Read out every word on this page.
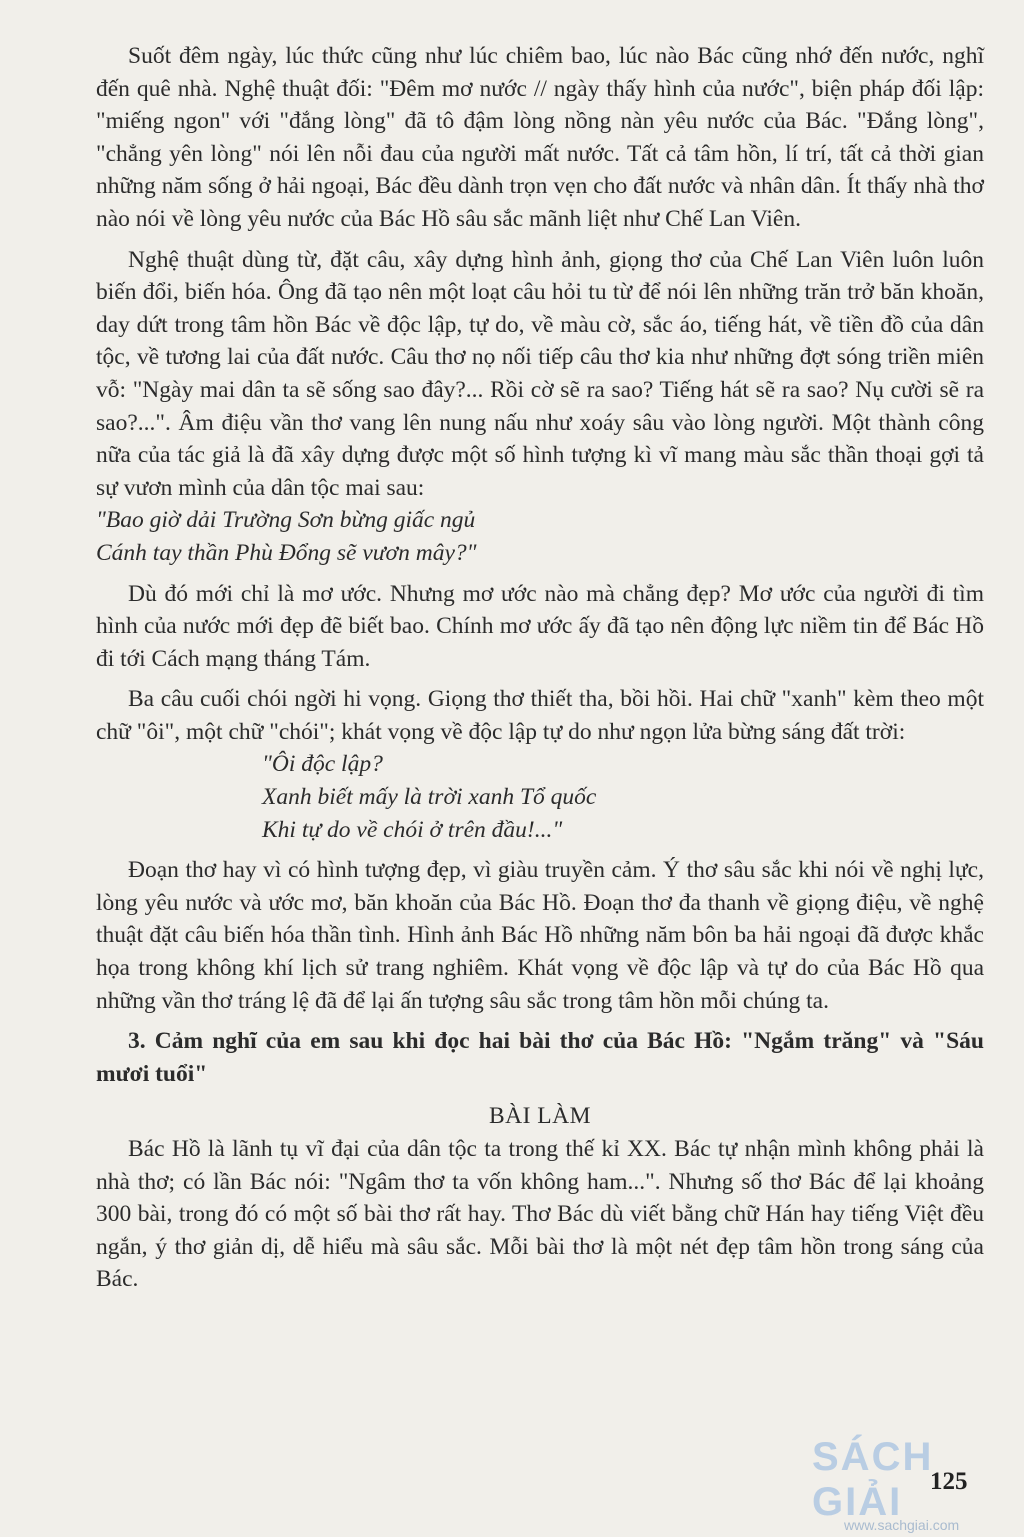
Suốt đêm ngày, lúc thức cũng như lúc chiêm bao, lúc nào Bác cũng nhớ đến nước, nghĩ đến quê nhà. Nghệ thuật đối: "Đêm mơ nước // ngày thấy hình của nước", biện pháp đối lập: "miếng ngon" với "đắng lòng" đã tô đậm lòng nồng nàn yêu nước của Bác. "Đắng lòng", "chẳng yên lòng" nói lên nỗi đau của người mất nước. Tất cả tâm hồn, lí trí, tất cả thời gian những năm sống ở hải ngoại, Bác đều dành trọn vẹn cho đất nước và nhân dân. Ít thấy nhà thơ nào nói về lòng yêu nước của Bác Hồ sâu sắc mãnh liệt như Chế Lan Viên.

Nghệ thuật dùng từ, đặt câu, xây dựng hình ảnh, giọng thơ của Chế Lan Viên luôn luôn biến đổi, biến hóa. Ông đã tạo nên một loạt câu hỏi tu từ để nói lên những trăn trở băn khoăn, day dứt trong tâm hồn Bác về độc lập, tự do, về màu cờ, sắc áo, tiếng hát, về tiền đồ của dân tộc, về tương lai của đất nước. Câu thơ nọ nối tiếp câu thơ kia như những đợt sóng triền miên vỗ: "Ngày mai dân ta sẽ sống sao đây?... Rồi cờ sẽ ra sao? Tiếng hát sẽ ra sao? Nụ cười sẽ ra sao?...". Âm điệu vần thơ vang lên nung nấu như xoáy sâu vào lòng người. Một thành công nữa của tác giả là đã xây dựng được một số hình tượng kì vĩ mang màu sắc thần thoại gợi tả sự vươn mình của dân tộc mai sau:

"Bao giờ dải Trường Sơn bừng giấc ngủ

Cánh tay thần Phù Đổng sẽ vươn mây?"

Dù đó mới chỉ là mơ ước. Nhưng mơ ước nào mà chẳng đẹp? Mơ ước của người đi tìm hình của nước mới đẹp đẽ biết bao. Chính mơ ước ấy đã tạo nên động lực niềm tin để Bác Hồ đi tới Cách mạng tháng Tám.

Ba câu cuối chói ngời hi vọng. Giọng thơ thiết tha, bồi hồi. Hai chữ "xanh" kèm theo một chữ "ôi", một chữ "chói"; khát vọng về độc lập tự do như ngọn lửa bừng sáng đất trời:

"Ôi độc lập?

Xanh biết mấy là trời xanh Tổ quốc

Khi tự do về chói ở trên đầu!..."

Đoạn thơ hay vì có hình tượng đẹp, vì giàu truyền cảm. Ý thơ sâu sắc khi nói về nghị lực, lòng yêu nước và ước mơ, băn khoăn của Bác Hồ. Đoạn thơ đa thanh về giọng điệu, về nghệ thuật đặt câu biến hóa thần tình. Hình ảnh Bác Hồ những năm bôn ba hải ngoại đã được khắc họa trong không khí lịch sử trang nghiêm. Khát vọng về độc lập và tự do của Bác Hồ qua những vần thơ tráng lệ đã để lại ấn tượng sâu sắc trong tâm hồn mỗi chúng ta.

3. Cảm nghĩ của em sau khi đọc hai bài thơ của Bác Hồ: "Ngắm trăng" và "Sáu mươi tuổi"

BÀI LÀM

Bác Hồ là lãnh tụ vĩ đại của dân tộc ta trong thế kỉ XX. Bác tự nhận mình không phải là nhà thơ; có lần Bác nói: "Ngâm thơ ta vốn không ham...". Nhưng số thơ Bác để lại khoảng 300 bài, trong đó có một số bài thơ rất hay. Thơ Bác dù viết bằng chữ Hán hay tiếng Việt đều ngắn, ý thơ giản dị, dễ hiểu mà sâu sắc. Mỗi bài thơ là một nét đẹp tâm hồn trong sáng của Bác.

SÁCH GIẢI
www.sachgiai.com
125
